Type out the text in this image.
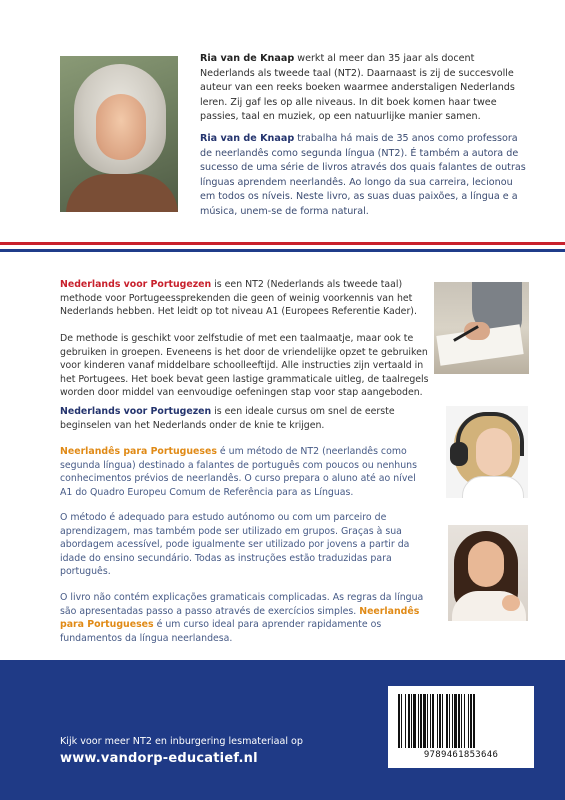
Ria van de Knaap werkt al meer dan 35 jaar als docent Nederlands als tweede taal (NT2). Daarnaast is zij de succesvolle auteur van een reeks boeken waarmee anderstaligen Nederlands leren. Zij gaf les op alle niveaus. In dit boek komen haar twee passies, taal en muziek, op een natuurlijke manier samen.

Ria van de Knaap trabalha há mais de 35 anos como professora de neerlandês como segunda língua (NT2). É também a autora de sucesso de uma série de livros através dos quais falantes de outras línguas aprendem neerlandês. Ao longo da sua carreira, lecionou em todos os níveis. Neste livro, as suas duas paixões, a língua e a música, unem-se de forma natural.

Nederlands voor Portugezen is een NT2 (Nederlands als tweede taal) methode voor Portugeessprekenden die geen of weinig voorkennis van het Nederlands hebben. Het leidt op tot niveau A1 (Europees Referentie Kader).

De methode is geschikt voor zelfstudie of met een taalmaatje, maar ook te gebruiken in groepen. Eveneens is het door de vriendelijke opzet te gebruiken voor kinderen vanaf middelbare schoolleeftijd. Alle instructies zijn vertaald in het Portugees. Het boek bevat geen lastige grammaticale uitleg, de taalregels worden door middel van eenvoudige oefeningen stap voor stap aangeboden.

Nederlands voor Portugezen is een ideale cursus om snel de eerste beginselen van het Nederlands onder de knie te krijgen.

Neerlandês para Portugueses é um método de NT2 (neerlandês como segunda língua) destinado a falantes de português com poucos ou nenhuns conhecimentos prévios de neerlandês. O curso prepara o aluno até ao nível A1 do Quadro Europeu Comum de Referência para as Línguas.

O método é adequado para estudo autónomo ou com um parceiro de aprendizagem, mas também pode ser utilizado em grupos. Graças à sua abordagem acessível, pode igualmente ser utilizado por jovens a partir da idade do ensino secundário. Todas as instruções estão traduzidas para português.

O livro não contém explicações gramaticais complicadas. As regras da língua são apresentadas passo a passo através de exercícios simples. Neerlandês para Portugueses é um curso ideal para aprender rapidamente os fundamentos da língua neerlandesa.

Kijk voor meer NT2 en inburgering lesmateriaal op

www.vandorp-educatief.nl	9789461853646
